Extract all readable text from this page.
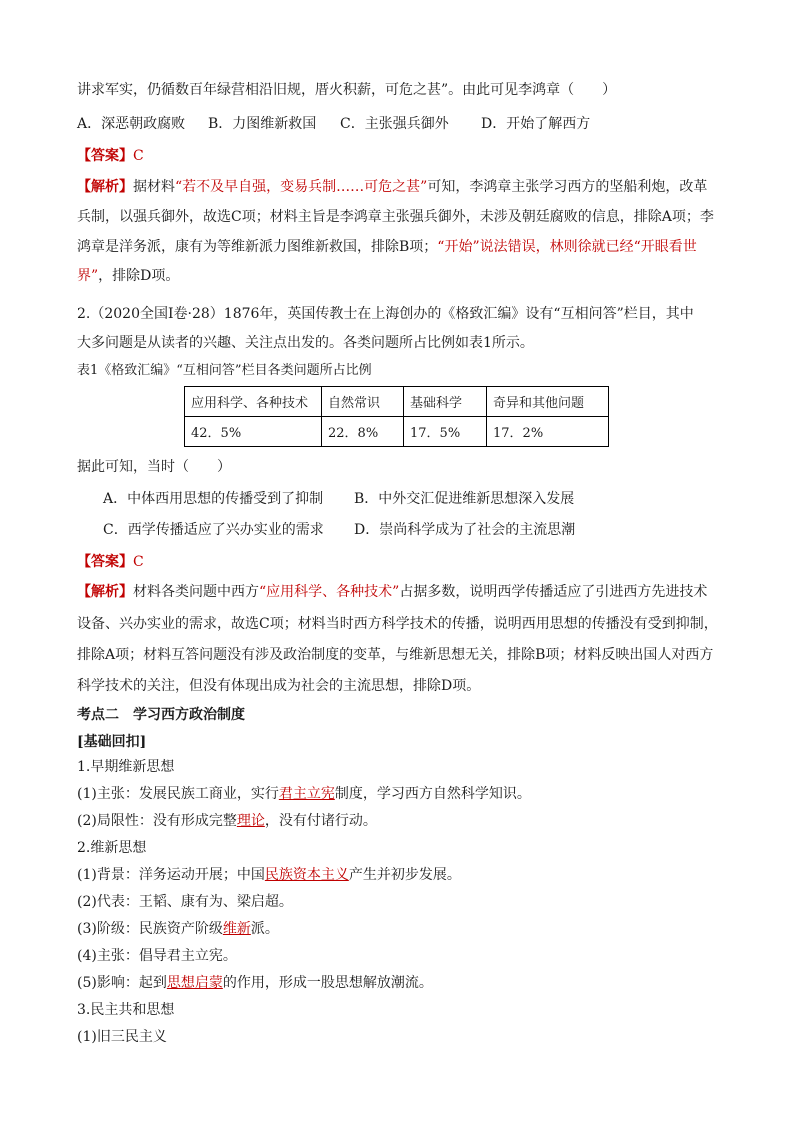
讲求军实，仍循数百年绿营相沿旧规，厝火积薪，可危之甚”。由此可见李鸿章（　　）
A．深恶朝政腐败 B．力图维新救国 C．主张强兵御外 D．开始了解西方
【答案】C
【解析】据材料“若不及早自强，变易兵制……可危之甚”可知，李鸿章主张学习西方的坚船利炮，改革
兵制，以强兵御外，故选C项；材料主旨是李鸿章主张强兵御外，未涉及朝廷腐败的信息，排除A项；李
鸿章是洋务派，康有为等维新派力图维新救国，排除B项；“开始”说法错误，林则徐就已经“开眼看世
界”，排除D项。
2.（2020全国Ⅰ卷·28）1876年，英国传教士在上海创办的《格致汇编》设有“互相问答”栏目，其中
大多问题是从读者的兴趣、关注点出发的。各类问题所占比例如表1所示。
表1《格致汇编》“互相问答”栏目各类问题所占比例
应用科学、各种技术	自然常识	基础科学	奇异和其他问题
42．5%	22．8%	17．5%	17．2%
据此可知，当时（　　）
A．中体西用思想的传播受到了抑制 B．中外交汇促进维新思想深入发展
C．西学传播适应了兴办实业的需求 D．崇尚科学成为了社会的主流思潮
【答案】C
【解析】材料各类问题中西方“应用科学、各种技术”占据多数，说明西学传播适应了引进西方先进技术
设备、兴办实业的需求，故选C项；材料当时西方科学技术的传播，说明西用思想的传播没有受到抑制，
排除A项；材料互答问题没有涉及政治制度的变革，与维新思想无关，排除B项；材料反映出国人对西方
科学技术的关注，但没有体现出成为社会的主流思想，排除D项。
考点二　学习西方政治制度
[基础回扣]
1.早期维新思想
(1)主张：发展民族工商业，实行君主立宪制度，学习西方自然科学知识。
(2)局限性：没有形成完整理论，没有付诸行动。
2.维新思想
(1)背景：洋务运动开展；中国民族资本主义产生并初步发展。
(2)代表：王韬、康有为、梁启超。
(3)阶级：民族资产阶级维新派。
(4)主张：倡导君主立宪。
(5)影响：起到思想启蒙的作用，形成一股思想解放潮流。
3.民主共和思想
(1)旧三民主义
